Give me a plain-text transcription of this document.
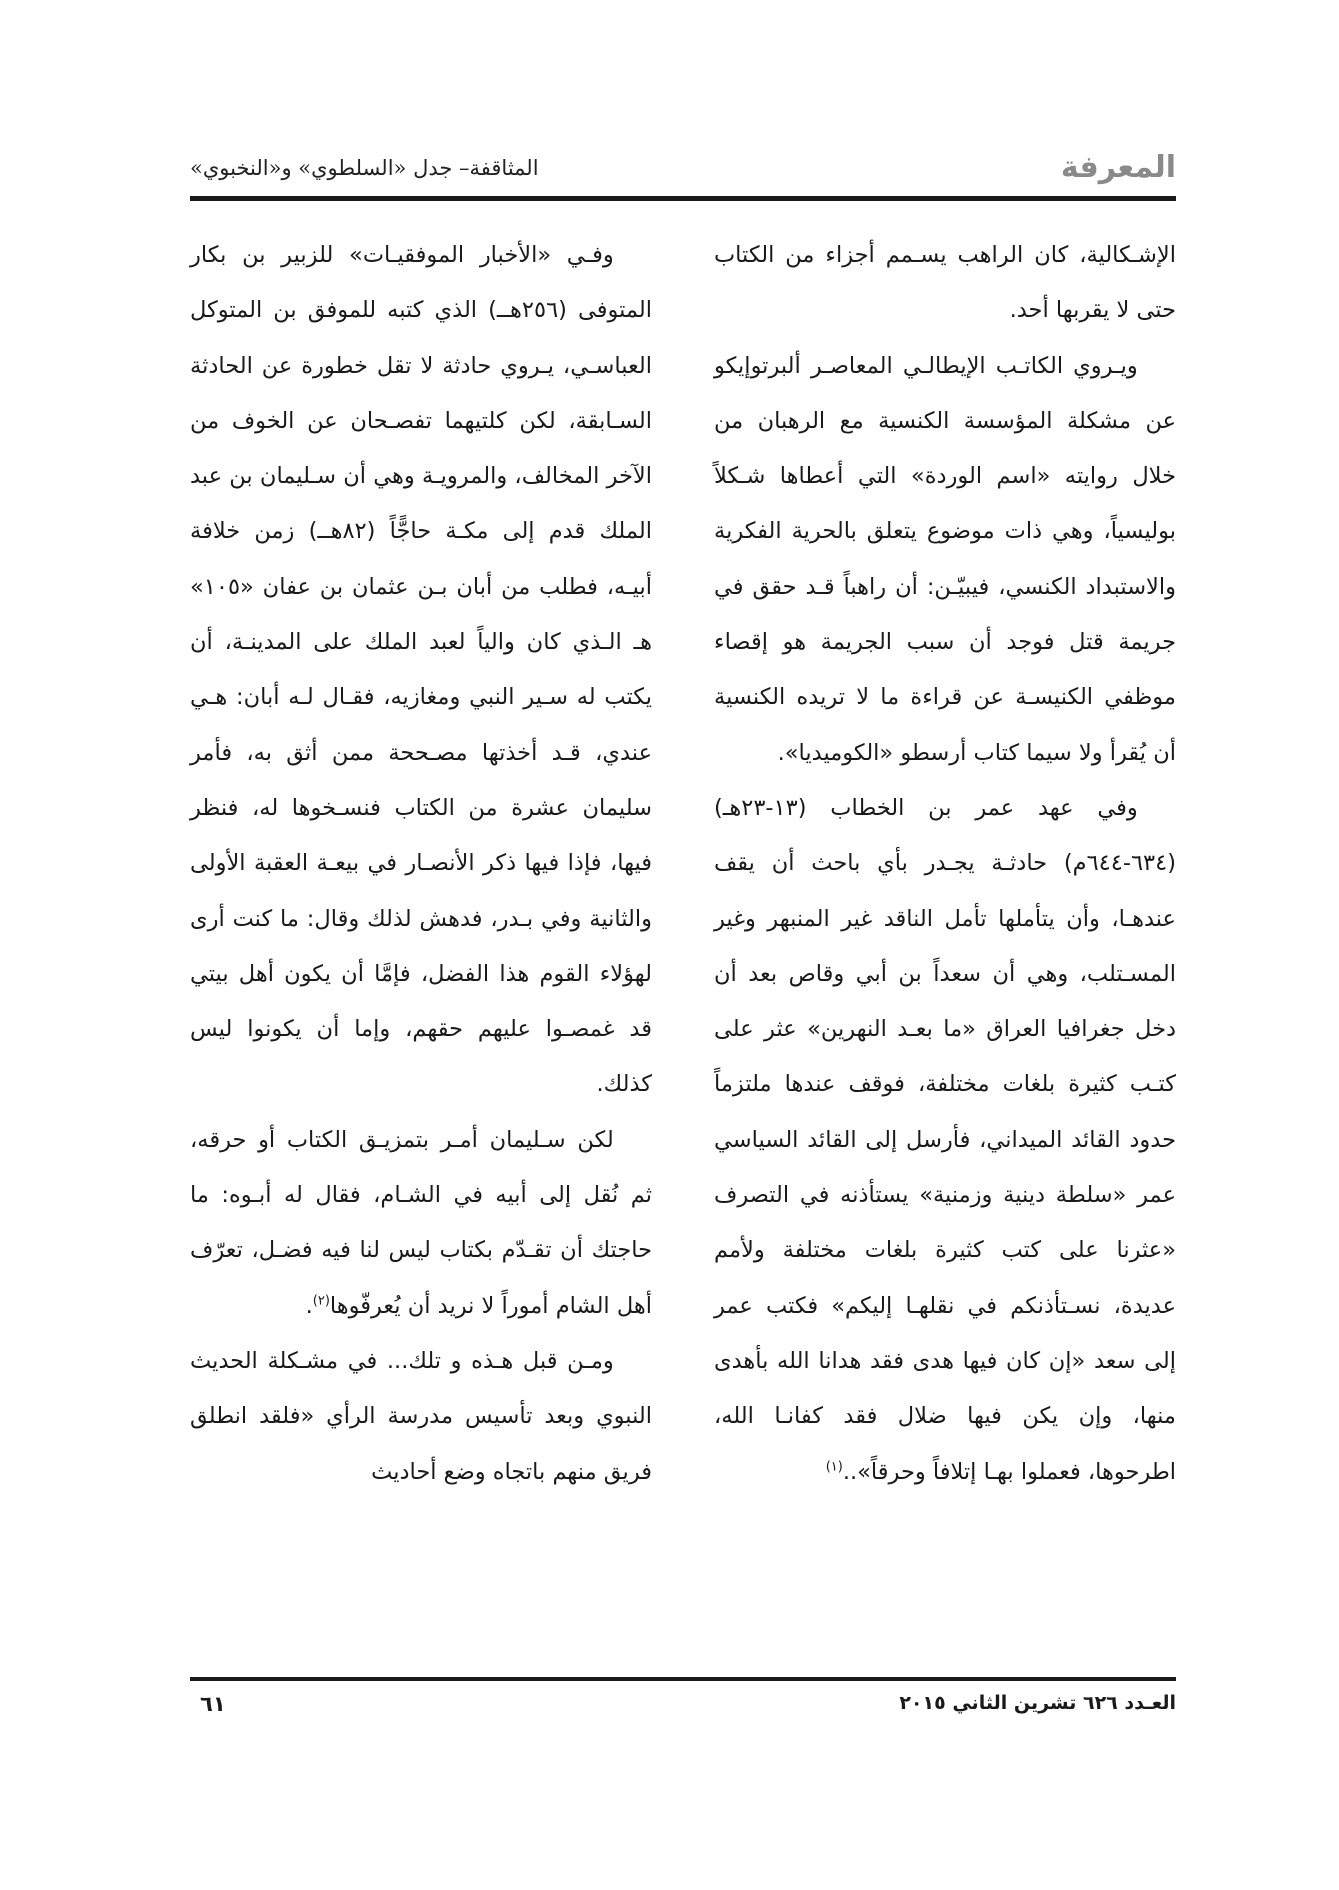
المعرفة
المثاقفة– جدل «السلطوي» و«النخبوي»

الإشـكالية، كان الراهب يسـمم أجزاء من الكتاب حتى لا يقربها أحد.

ويـروي الكاتـب الإيطالـي المعاصـر ألبرتوإيكو عن مشكلة المؤسسة الكنسية مع الرهبان من خلال روايته «اسم الوردة» التي أعطاها شـكلاً بوليسياً، وهي ذات موضوع يتعلق بالحرية الفكرية والاستبداد الكنسي، فيبيّـن: أن راهباً قـد حقق في جريمة قتل فوجد أن سبب الجريمة هو إقصاء موظفي الكنيسـة عن قراءة ما لا تريده الكنسية أن يُقرأ ولا سيما كتاب أرسطو «الكوميديا».

وفي عهد عمر بن الخطاب (١٣-٢٣هـ) (٦٣٤-٦٤٤م) حادثـة يجـدر بأي باحث أن يقف عندهـا، وأن يتأملها تأمل الناقد غير المنبهر وغير المسـتلب، وهي أن سعداً بن أبي وقاص بعد أن دخل جغرافيا العراق «ما بعـد النهرين» عثر على كتـب كثيرة بلغات مختلفة، فوقف عندها ملتزماً حدود القائد الميداني، فأرسل إلى القائد السياسي عمر «سلطة دينية وزمنية» يستأذنه في التصرف «عثرنا على كتب كثيرة بلغات مختلفة ولأمم عديدة، نسـتأذنكم في نقلهـا إليكم» فكتب عمر إلى سعد «إن كان فيها هدى فقد هدانا الله بأهدى منها، وإن يكن فيها ضلال فقد كفانـا الله، اطرحوها، فعملوا بهـا إتلافاً وحرقاً»..$^{(١)}$

وفـي «الأخبار الموفقيـات» للزبير بن بكار المتوفى (٢٥٦هــ) الذي كتبه للموفق بن المتوكل العباسـي، يـروي حادثة لا تقل خطورة عن الحادثة السـابقة، لكن كلتيهما تفصـحان عن الخوف من الآخر المخالف، والمرويـة وهي أن سـليمان بن عبد الملك قدم إلى مكـة حاجًّاً (٨٢هــ) زمن خلافة أبيـه، فطلب من أبان بـن عثمان بن عفان «١٠٥» هـ الـذي كان والياً لعبد الملك على المدينـة، أن يكتب له سـير النبي ومغازيه، فقـال لـه أبان: هـي عندي، قـد أخذتها مصـححة ممن أثق به، فأمر سليمان عشرة من الكتاب فنسـخوها له، فنظر فيها، فإذا فيها ذكر الأنصـار في بيعـة العقبة الأولى والثانية وفي بـدر، فدهش لذلك وقال: ما كنت أرى لهؤلاء القوم هذا الفضل، فإمَّا أن يكون أهل بيتي قد غمصـوا عليهم حقهم، وإما أن يكونوا ليس كذلك.

لكن سـليمان أمـر بتمزيـق الكتاب أو حرقه، ثم نُقل إلى أبيه في الشـام، فقال له أبـوه: ما حاجتك أن تقـدّم بكتاب ليس لنا فيه فضـل، تعرّف أهل الشام أموراً لا نريد أن يُعرفّوها$^{(٢)}$.

ومـن قبل هـذه و تلك... في مشـكلة الحديث النبوي وبعد تأسيس مدرسة الرأي «فلقد انطلق فريق منهم باتجاه وضع أحاديث

العـدد ٦٢٦ تشرين الثاني ٢٠١٥
٦١
